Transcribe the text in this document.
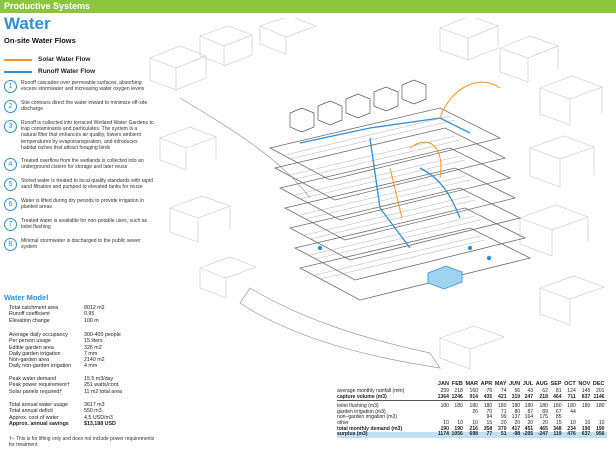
Productive Systems
Water
On-site Water Flows
Solar Water Flow
Runoff Water Flow
1	Runoff cascades over permeable surfaces, absorbing excess stormwater and increasing water oxygen levels
2	Site contours direct the water inward to minimize off-site discharge
3	Runoff is collected into terraced Wetland Water Gardens to trap contaminants and particulates. The system is a natural filter that enhances air quality, lowers ambient temperatures by evapotranspiration, and introduces habitat niches that attract foraging birds
4	Treated overflow from the wetlands is collected into an underground cistern for storage and later reuse
5	Stored water is treated to local quality standards with rapid sand filtration and pumped to elevated tanks for reuse
6	Water is lifted during dry periods to provide irrigation in planted areas
7	Treated water is available for non-potable uses, such as toilet flushing
8	Minimal stormwater is discharged to the public sewer system
Water Model
Total catchment area	8012 m2
Runoff coefficient	0.95
Elevation change	100 m
Average daily occupancy	300-400 people
Per person usage	15 liters
Edible garden area	326 m2
Daily garden irrigation	7 mm
Non-garden area	2140 m2
Daily non-garden irrigation	4 mm
Peak water demand	15.5 m3/day
Peak power requirement†	251 watts/cont.
Solar panels required†	11 m2 total area
Total annual water usage	3617 m3
Total annual deficit	550 m3
Approx. cost of water	4.5 USD/m3
Approx. annual savings	$13,188 USD
†– This is for lifting only and does not include power requirements for treatment.
	JAN	FEB	MAR	APR	MAY	JUN	JUL	AUG	SEP	OCT	NOV	DEC
average monthly rainfall (mm)	239	218	160	76	74	56	43	62	81	124	145	201
capture volume (m3)	1364	1246	914	435	421	319	247	218	464	711	837	1146

toilet flushing (m3)	180	180	180	180	180	180	180	180	180	180	180	180
garden irrigation (m3)			26	70	71	80	87	89	67	44		
non–garden irrigation (m3)				94	99	137	164	175	85			
other	10	10	10	15	20	20	20	20	15	10	10	10
total monthly demand (m3)	190	190	216	358	370	417	451	465	348	234	190	190
surplus (m3)	1174	1056	698	77	51	-98	-205	-247	119	476	637	956
